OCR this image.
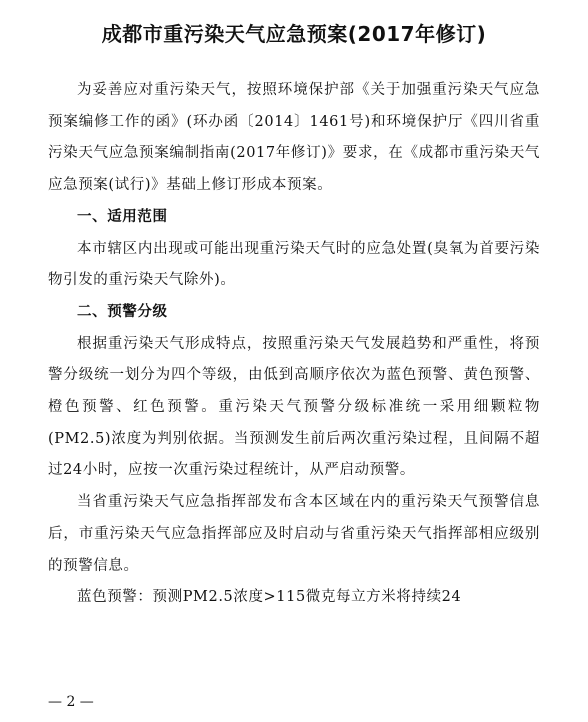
成都市重污染天气应急预案(2017年修订)

为妥善应对重污染天气，按照环境保护部《关于加强重污染天气应急预案编修工作的函》(环办函〔2014〕1461号)和环境保护厅《四川省重污染天气应急预案编制指南(2017年修订)》要求，在《成都市重污染天气应急预案(试行)》基础上修订形成本预案。

一、适用范围

本市辖区内出现或可能出现重污染天气时的应急处置(臭氧为首要污染物引发的重污染天气除外)。

二、预警分级

根据重污染天气形成特点，按照重污染天气发展趋势和严重性，将预警分级统一划分为四个等级，由低到高顺序依次为蓝色预警、黄色预警、橙色预警、红色预警。重污染天气预警分级标准统一采用细颗粒物(PM2.5)浓度为判别依据。当预测发生前后两次重污染过程，且间隔不超过24小时，应按一次重污染过程统计，从严启动预警。

当省重污染天气应急指挥部发布含本区域在内的重污染天气预警信息后，市重污染天气应急指挥部应及时启动与省重污染天气指挥部相应级别的预警信息。

蓝色预警：预测PM2.5浓度>115微克每立方米将持续24

— 2 —
